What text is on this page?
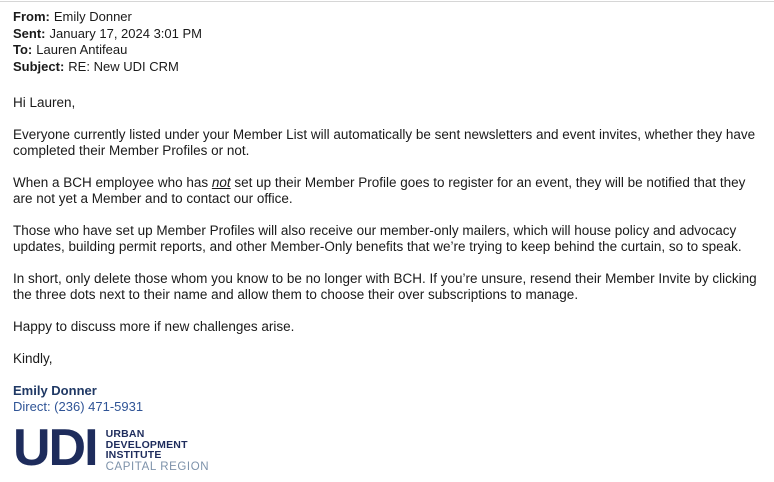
From: Emily Donner
Sent: January 17, 2024 3:01 PM
To: Lauren Antifeau
Subject: RE: New UDI CRM

Hi Lauren,

Everyone currently listed under your Member List will automatically be sent newsletters and event invites, whether they have completed their Member Profiles or not.

When a BCH employee who has not set up their Member Profile goes to register for an event, they will be notified that they are not yet a Member and to contact our office.

Those who have set up Member Profiles will also receive our member-only mailers, which will house policy and advocacy updates, building permit reports, and other Member-Only benefits that we’re trying to keep behind the curtain, so to speak.

In short, only delete those whom you know to be no longer with BCH. If you’re unsure, resend their Member Invite by clicking the three dots next to their name and allow them to choose their over subscriptions to manage.

Happy to discuss more if new challenges arise.

Kindly,

Emily Donner
Direct: (236) 471-5931
UDI URBAN
DEVELOPMENT
INSTITUTE
CAPITAL REGION
